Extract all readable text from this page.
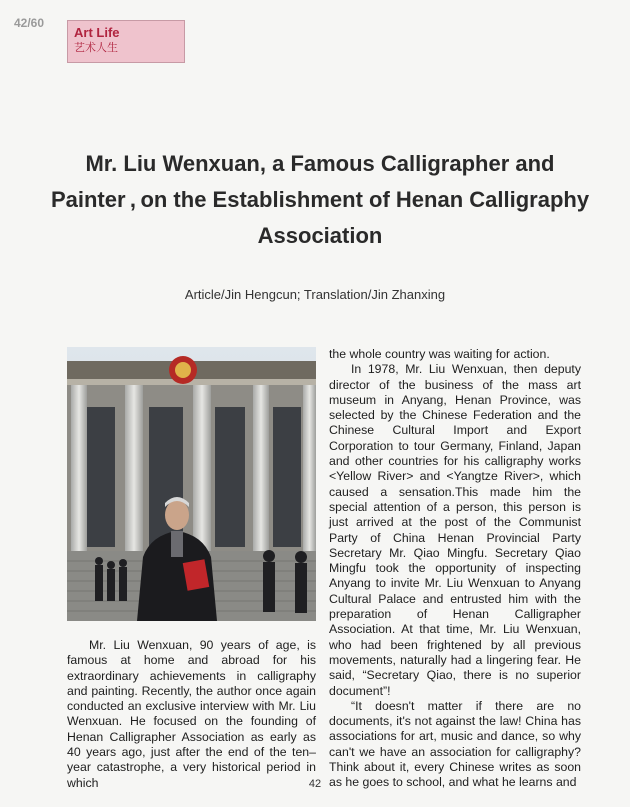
42/60
Art Life
艺术人生
Mr. Liu Wenxuan, a Famous Calligrapher and Painter , on the Establishment of Henan Calligraphy Association
Article/Jin Hengcun; Translation/Jin Zhanxing

Mr. Liu Wenxuan, 90 years of age, is famous at home and abroad for his extraordinary achievements in calligraphy and painting. Recently, the author once again conducted an exclusive interview with Mr. Liu Wenxuan. He focused on the founding of Henan Calligrapher Association as early as 40 years ago, just after the end of the ten–year catastrophe, a very historical period in which

the whole country was waiting for action.

In 1978, Mr. Liu Wenxuan, then deputy director of the business of the mass art museum in Anyang, Henan Province, was selected by the Chinese Federation and the Chinese Cultural Import and Export Corporation to tour Germany, Finland, Japan and other countries for his calligraphy works <Yellow River> and <Yangtze River>, which caused a sensation.This made him the special attention of a person, this person is just arrived at the post of the Communist Party of China Henan Provincial Party Secretary Mr. Qiao Mingfu. Secretary Qiao Mingfu took the opportunity of inspecting Anyang to invite Mr. Liu Wenxuan to Anyang Cultural Palace and entrusted him with the preparation of Henan Calligrapher Association. At that time, Mr. Liu Wenxuan, who had been frightened by all previous movements, naturally had a lingering fear. He said, “Secretary Qiao, there is no superior document”!

“It doesn't matter if there are no documents, it's not against the law! China has associations for art, music and dance, so why can't we have an association for calligraphy? Think about it, every Chinese writes as soon as he goes to school, and what he learns and

42
